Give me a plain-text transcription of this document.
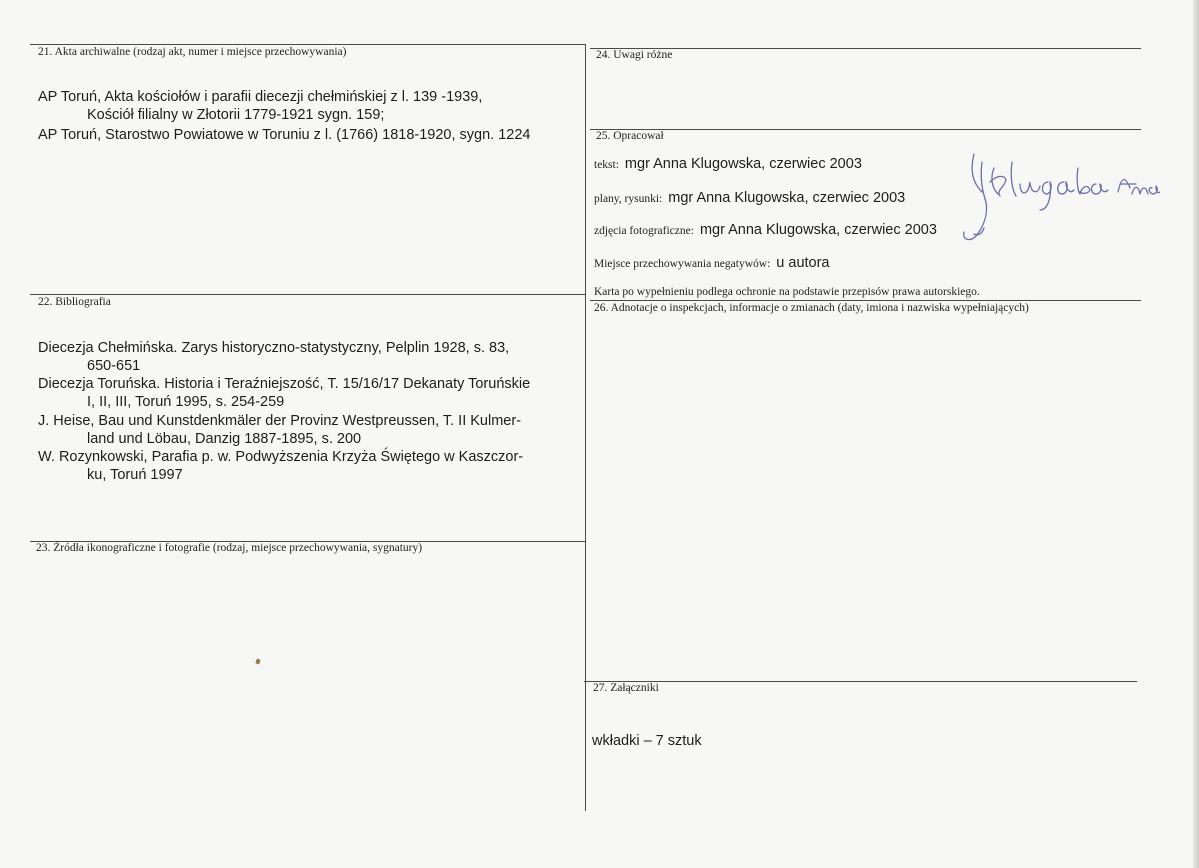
21. Akta archiwalne (rodzaj akt, numer i miejsce przechowywania)
AP Toruń, Akta kościołów i parafii diecezji chełmińskiej z l. 139 -1939,
Kościół filialny w Złotorii 1779-1921 sygn. 159;
AP Toruń, Starostwo Powiatowe w Toruniu z l. (1766) 1818-1920, sygn. 1224
24. Uwagi różne
25. Opracował
tekst: mgr Anna Klugowska, czerwiec 2003
plany, rysunki: mgr Anna Klugowska, czerwiec 2003
zdjęcia fotograficzne: mgr Anna Klugowska, czerwiec 2003
Miejsce przechowywania negatywów: u autora
Karta po wypełnieniu podlega ochronie na podstawie przepisów prawa autorskiego.
22. Bibliografia
Diecezja Chełmińska. Zarys historyczno-statystyczny, Pelplin 1928, s. 83,
650-651
Diecezja Toruńska. Historia i Teraźniejszość, T. 15/16/17 Dekanaty Toruńskie
I, II, III, Toruń 1995, s. 254-259
J. Heise, Bau und Kunstdenkmäler der Provinz Westpreussen, T. II Kulmer-
land und Löbau, Danzig 1887-1895, s. 200
W. Rozynkowski, Parafia p. w. Podwyższenia Krzyża Świętego w Kaszczor-
ku, Toruń 1997
26. Adnotacje o inspekcjach, informacje o zmianach (daty, imiona i nazwiska wypełniających)
23. Źródła ikonograficzne i fotografie (rodzaj, miejsce przechowywania, sygnatury)
27. Załączniki
wkładki – 7 sztuk
